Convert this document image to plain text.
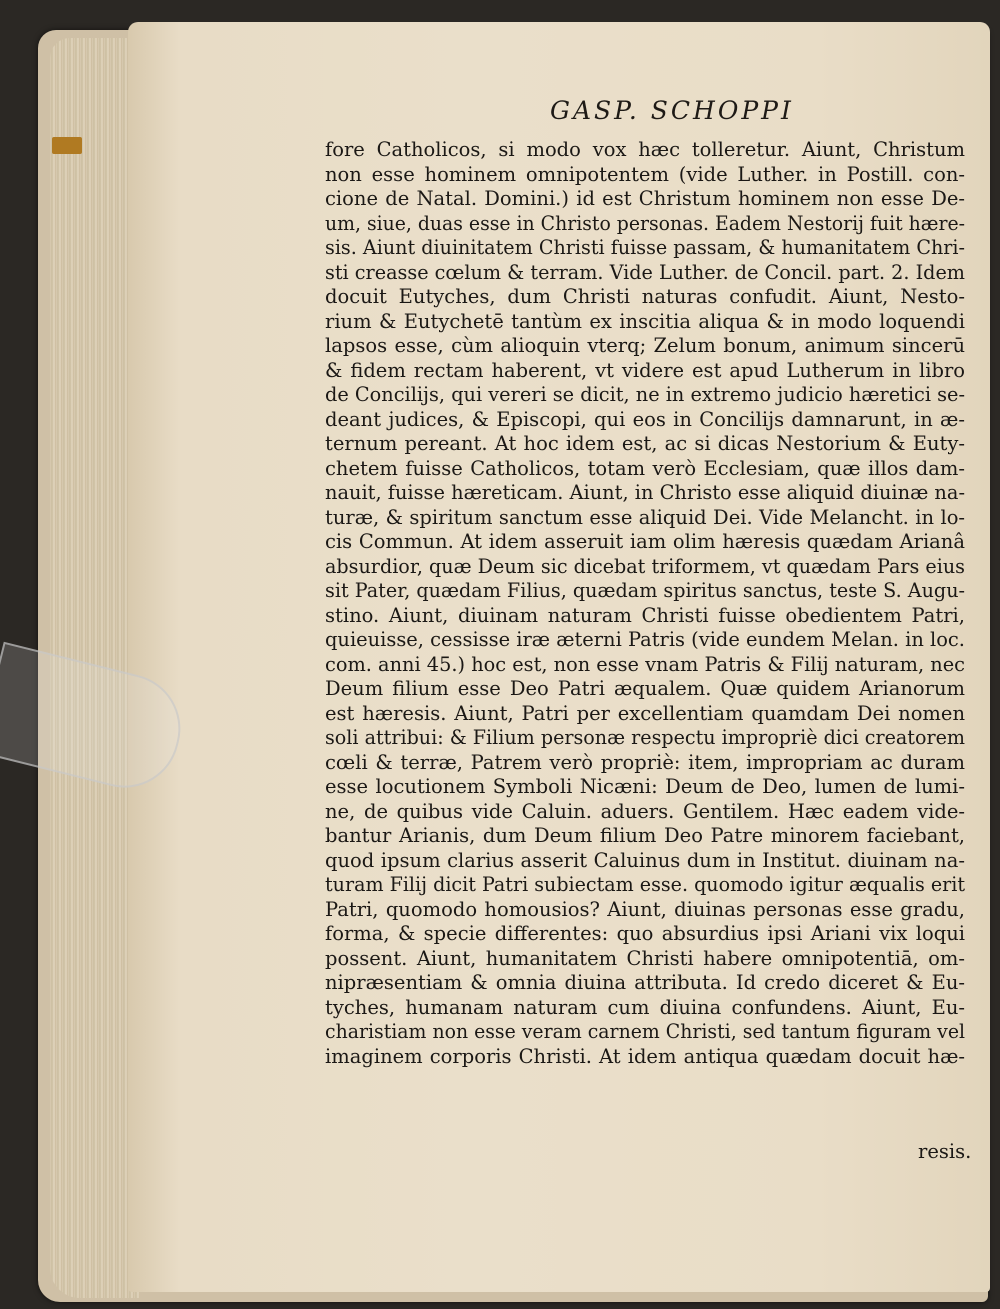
GASP. SCHOPPI
fore Catholicos, si modo vox hæc tolleretur. Aiunt, Christum
non esse hominem omnipotentem (vide Luther. in Postill. con-
cione de Natal. Domini.) id est Christum hominem non esse De-
um, siue, duas esse in Christo personas. Eadem Nestorij fuit hære-
sis. Aiunt diuinitatem Christi fuisse passam, & humanitatem Chri-
sti creasse cœlum & terram. Vide Luther. de Concil. part. 2. Idem
docuit Eutyches, dum Christi naturas confudit. Aiunt, Nesto-
rium & Eutychetē tantùm ex inscitia aliqua & in modo loquendi
lapsos esse, cùm alioquin vterq; Zelum bonum, animum sincerū
& fidem rectam haberent, vt videre est apud Lutherum in libro
de Concilijs, qui vereri se dicit, ne in extremo judicio hæretici se-
deant judices, & Episcopi, qui eos in Concilijs damnarunt, in æ-
ternum pereant. At hoc idem est, ac si dicas Nestorium & Euty-
chetem fuisse Catholicos, totam verò Ecclesiam, quæ illos dam-
nauit, fuisse hæreticam. Aiunt, in Christo esse aliquid diuinæ na-
turæ, & spiritum sanctum esse aliquid Dei. Vide Melancht. in lo-
cis Commun. At idem asseruit iam olim hæresis quædam Arianâ
absurdior, quæ Deum sic dicebat triformem, vt quædam Pars eius
sit Pater, quædam Filius, quædam spiritus sanctus, teste S. Augu-
stino. Aiunt, diuinam naturam Christi fuisse obedientem Patri,
quieuisse, cessisse iræ æterni Patris (vide eundem Melan. in loc.
com. anni 45.) hoc est, non esse vnam Patris & Filij naturam, nec
Deum filium esse Deo Patri æqualem. Quæ quidem Arianorum
est hæresis. Aiunt, Patri per excellentiam quamdam Dei nomen
soli attribui: & Filium personæ respectu impropriè dici creatorem
cœli & terræ, Patrem verò propriè: item, impropriam ac duram
esse locutionem Symboli Nicæni: Deum de Deo, lumen de lumi-
ne, de quibus vide Caluin. aduers. Gentilem. Hæc eadem vide-
bantur Arianis, dum Deum filium Deo Patre minorem faciebant,
quod ipsum clarius asserit Caluinus dum in Institut. diuinam na-
turam Filij dicit Patri subiectam esse. quomodo igitur æqualis erit
Patri, quomodo homousios? Aiunt, diuinas personas esse gradu,
forma, & specie differentes: quo absurdius ipsi Ariani vix loqui
possent. Aiunt, humanitatem Christi habere omnipotentiā, om-
nipræsentiam & omnia diuina attributa. Id credo diceret & Eu-
tyches, humanam naturam cum diuina confundens. Aiunt, Eu-
charistiam non esse veram carnem Christi, sed tantum figuram vel
imaginem corporis Christi. At idem antiqua quædam docuit hæ-
resis.
